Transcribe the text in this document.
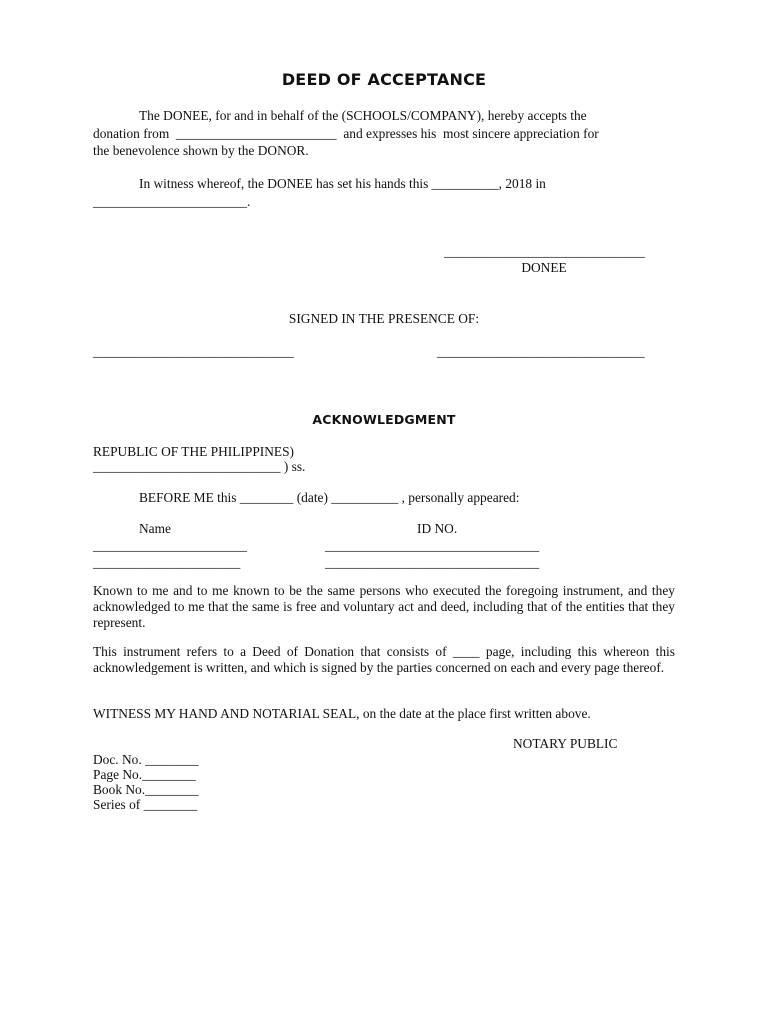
DEED OF ACCEPTANCE
The DONEE, for and in behalf of the (SCHOOLS/COMPANY), hereby accepts the
donation from  ________________________  and expresses his  most sincere appreciation for
the benevolence shown by the DONOR.
In witness whereof, the DONEE has set his hands this __________, 2018 in
_______________________.
______________________________
DONEE
SIGNED IN THE PRESENCE OF:
______________________________	_______________________________
ACKNOWLEDGMENT
REPUBLIC OF THE PHILIPPINES)
____________________________ ) ss.
BEFORE ME this ________ (date) __________ , personally appeared:
Name	ID NO.
_______________________
______________________
________________________________
________________________________
Known to me and to me known to be the same persons who executed the foregoing instrument, and they acknowledged to me that the same is free and voluntary act and deed, including that of the entities that they represent.
This instrument refers to a Deed of Donation that consists of ____ page, including this whereon this acknowledgement is written, and which is signed by the parties concerned on each and every page thereof.
WITNESS MY HAND AND NOTARIAL SEAL, on the date at the place first written above.
NOTARY PUBLIC
Doc. No. ________
Page No.________
Book No.________
Series of ________
